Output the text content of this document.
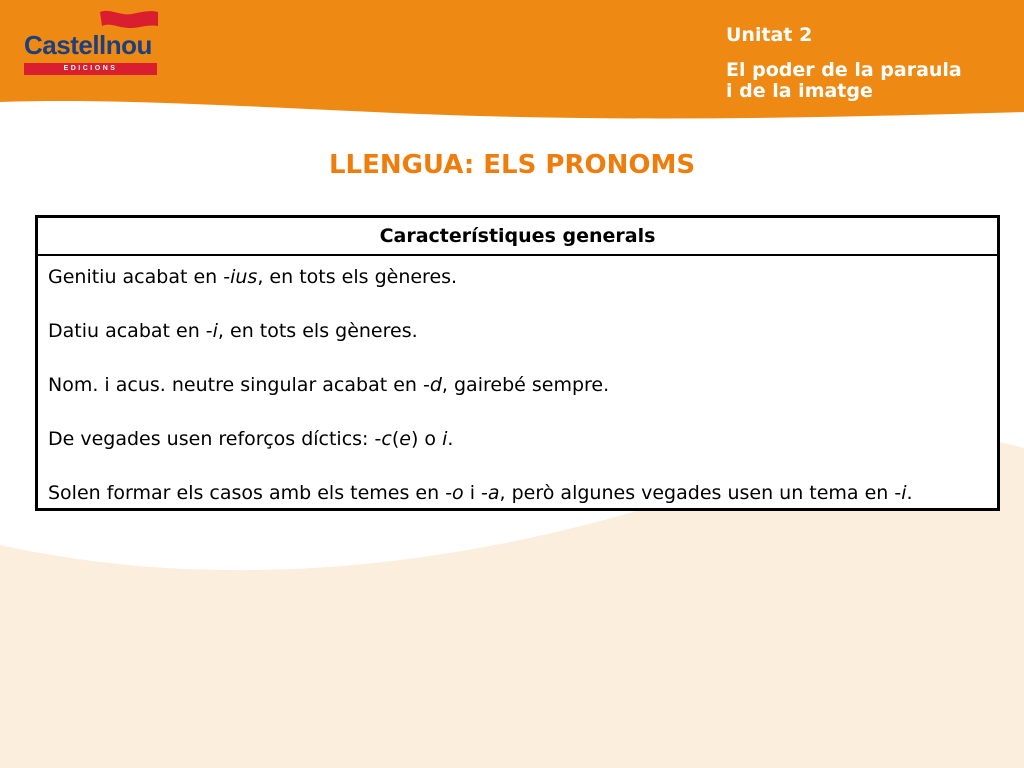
Castellnou
EDICIONS
Unitat 2
El poder de la paraula
i de la imatge
LLENGUA: ELS PRONOMS
Característiques generals
Genitiu acabat en -ius, en tots els gèneres.
Datiu acabat en -i, en tots els gèneres.
Nom. i acus. neutre singular acabat en -d, gairebé sempre.
De vegades usen reforços díctics: -c(e) o i.
Solen formar els casos amb els temes en -o i -a, però algunes vegades usen un tema en -i.
